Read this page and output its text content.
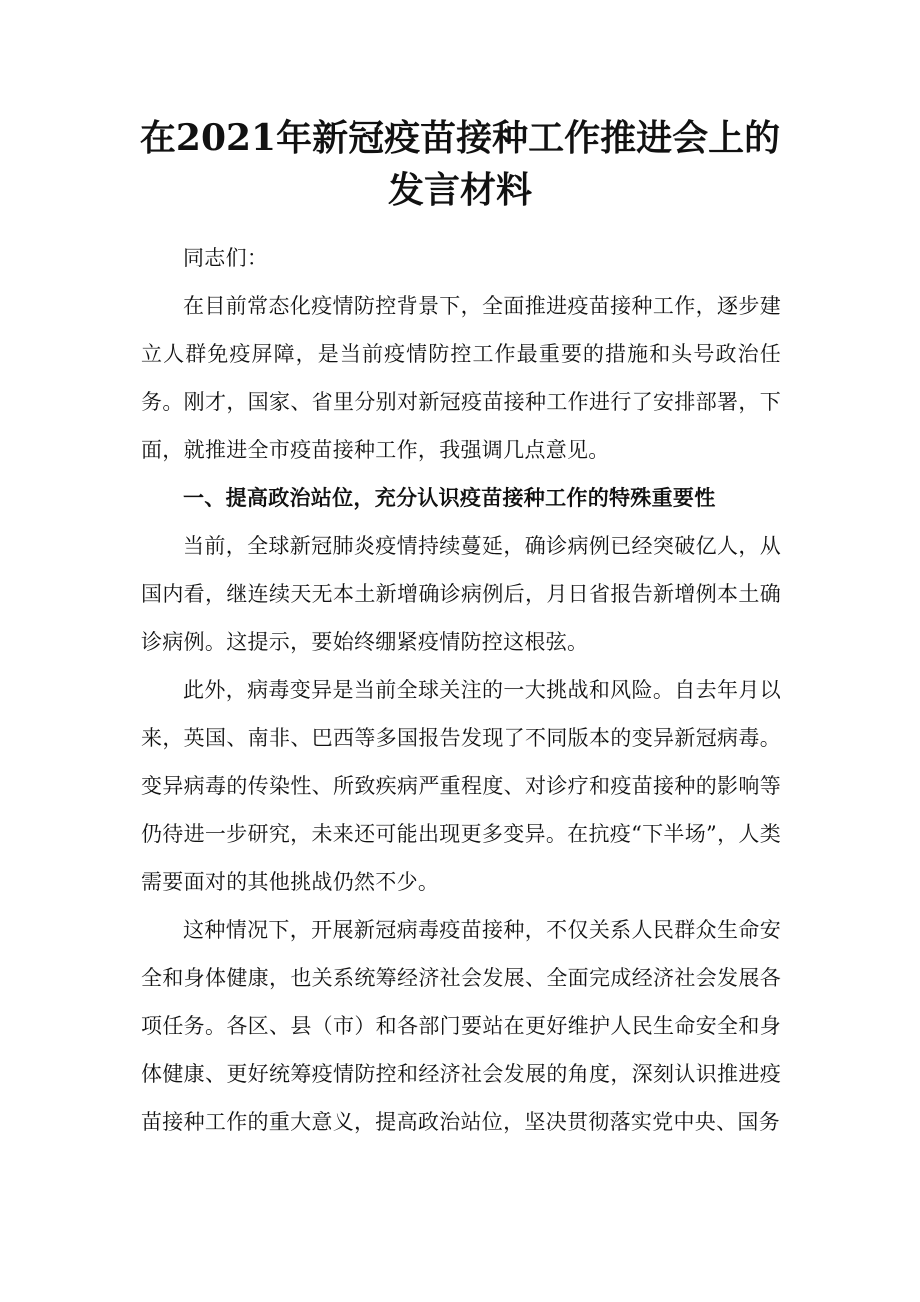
在2021年新冠疫苗接种工作推进会上的发言材料

同志们：

在目前常态化疫情防控背景下，全面推进疫苗接种工作，逐步建立人群免疫屏障，是当前疫情防控工作最重要的措施和头号政治任务。刚才，国家、省里分别对新冠疫苗接种工作进行了安排部署，下面，就推进全市疫苗接种工作，我强调几点意见。

一、提高政治站位，充分认识疫苗接种工作的特殊重要性

当前，全球新冠肺炎疫情持续蔓延，确诊病例已经突破亿人，从国内看，继连续天无本土新增确诊病例后，月日省报告新增例本土确诊病例。这提示，要始终绷紧疫情防控这根弦。

此外，病毒变异是当前全球关注的一大挑战和风险。自去年月以来，英国、南非、巴西等多国报告发现了不同版本的变异新冠病毒。变异病毒的传染性、所致疾病严重程度、对诊疗和疫苗接种的影响等仍待进一步研究，未来还可能出现更多变异。在抗疫“下半场”，人类需要面对的其他挑战仍然不少。

这种情况下，开展新冠病毒疫苗接种，不仅关系人民群众生命安全和身体健康，也关系统筹经济社会发展、全面完成经济社会发展各项任务。各区、县（市）和各部门要站在更好维护人民生命安全和身体健康、更好统筹疫情防控和经济社会发展的角度，深刻认识推进疫苗接种工作的重大意义，提高政治站位，坚决贯彻落实党中央、国务
